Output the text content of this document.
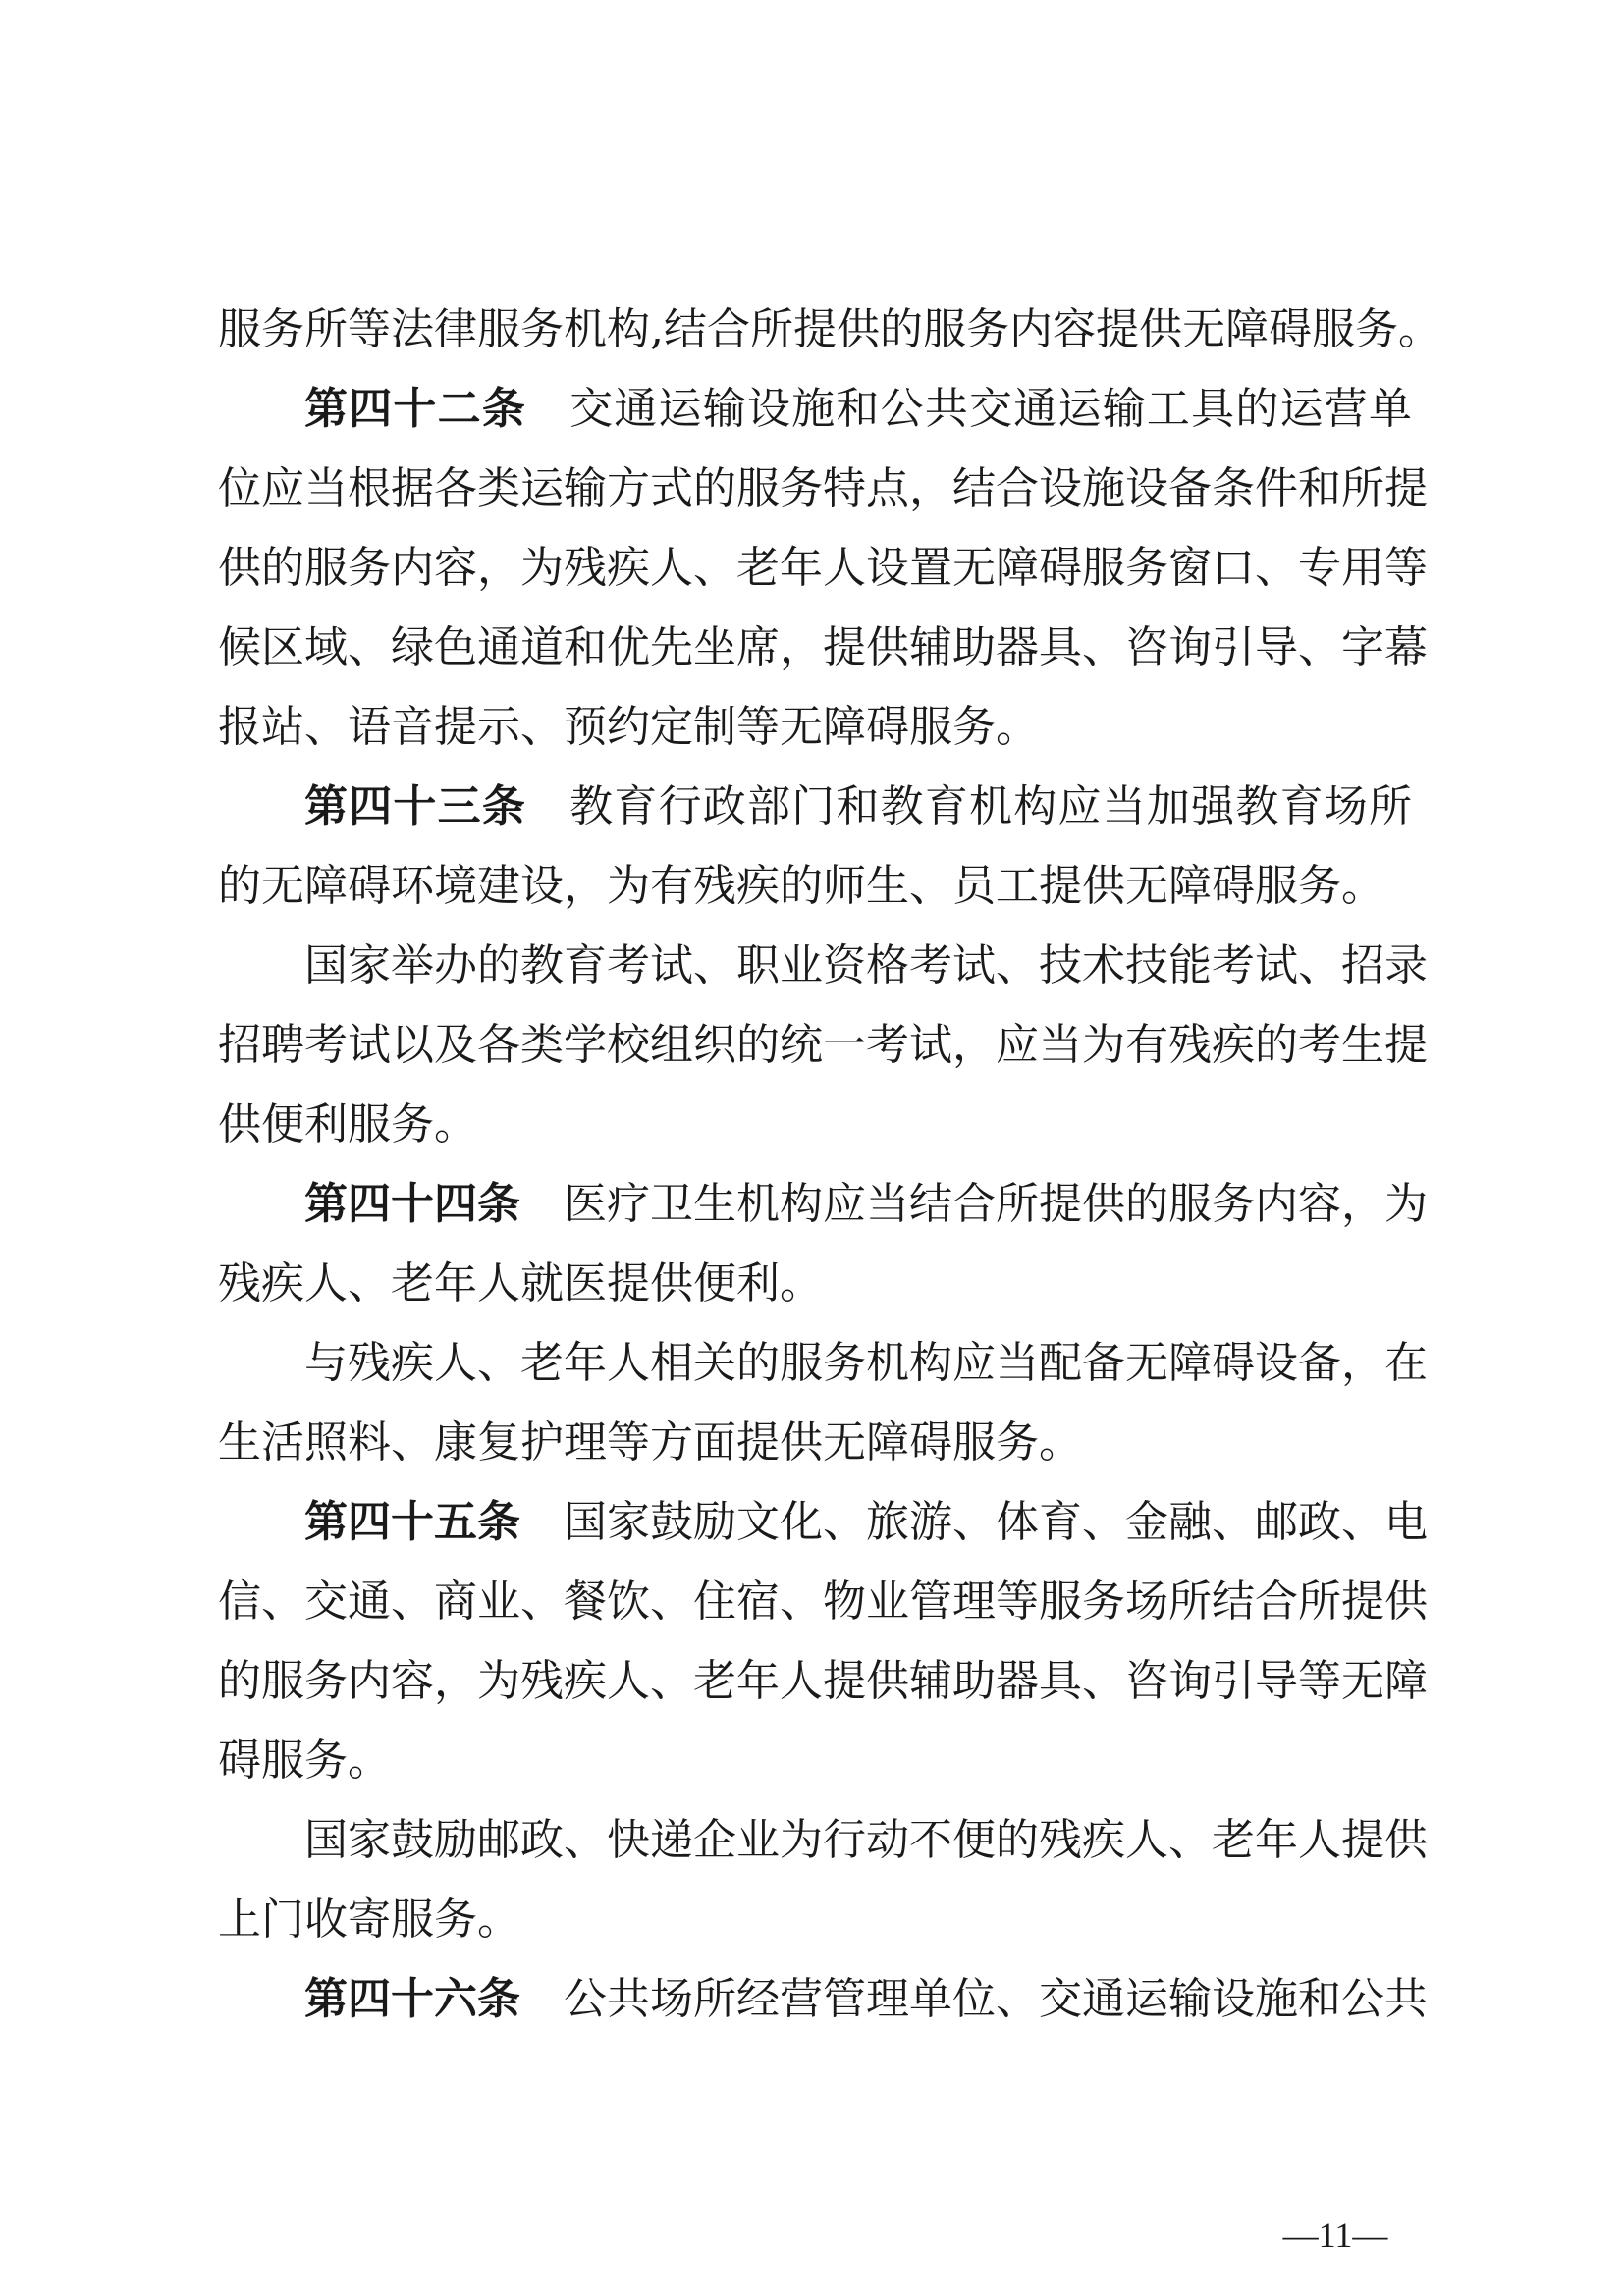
服务所等法律服务机构,结合所提供的服务内容提供无障碍服务。
第四十二条 交通运输设施和公共交通运输工具的运营单
位应当根据各类运输方式的服务特点，结合设施设备条件和所提
供的服务内容，为残疾人、老年人设置无障碍服务窗口、专用等
候区域、绿色通道和优先坐席，提供辅助器具、咨询引导、字幕
报站、语音提示、预约定制等无障碍服务。
第四十三条 教育行政部门和教育机构应当加强教育场所
的无障碍环境建设，为有残疾的师生、员工提供无障碍服务。
国家举办的教育考试、职业资格考试、技术技能考试、招录
招聘考试以及各类学校组织的统一考试，应当为有残疾的考生提
供便利服务。
第四十四条 医疗卫生机构应当结合所提供的服务内容，为
残疾人、老年人就医提供便利。
与残疾人、老年人相关的服务机构应当配备无障碍设备，在
生活照料、康复护理等方面提供无障碍服务。
第四十五条 国家鼓励文化、旅游、体育、金融、邮政、电
信、交通、商业、餐饮、住宿、物业管理等服务场所结合所提供
的服务内容，为残疾人、老年人提供辅助器具、咨询引导等无障
碍服务。
国家鼓励邮政、快递企业为行动不便的残疾人、老年人提供
上门收寄服务。
第四十六条 公共场所经营管理单位、交通运输设施和公共
—11—
